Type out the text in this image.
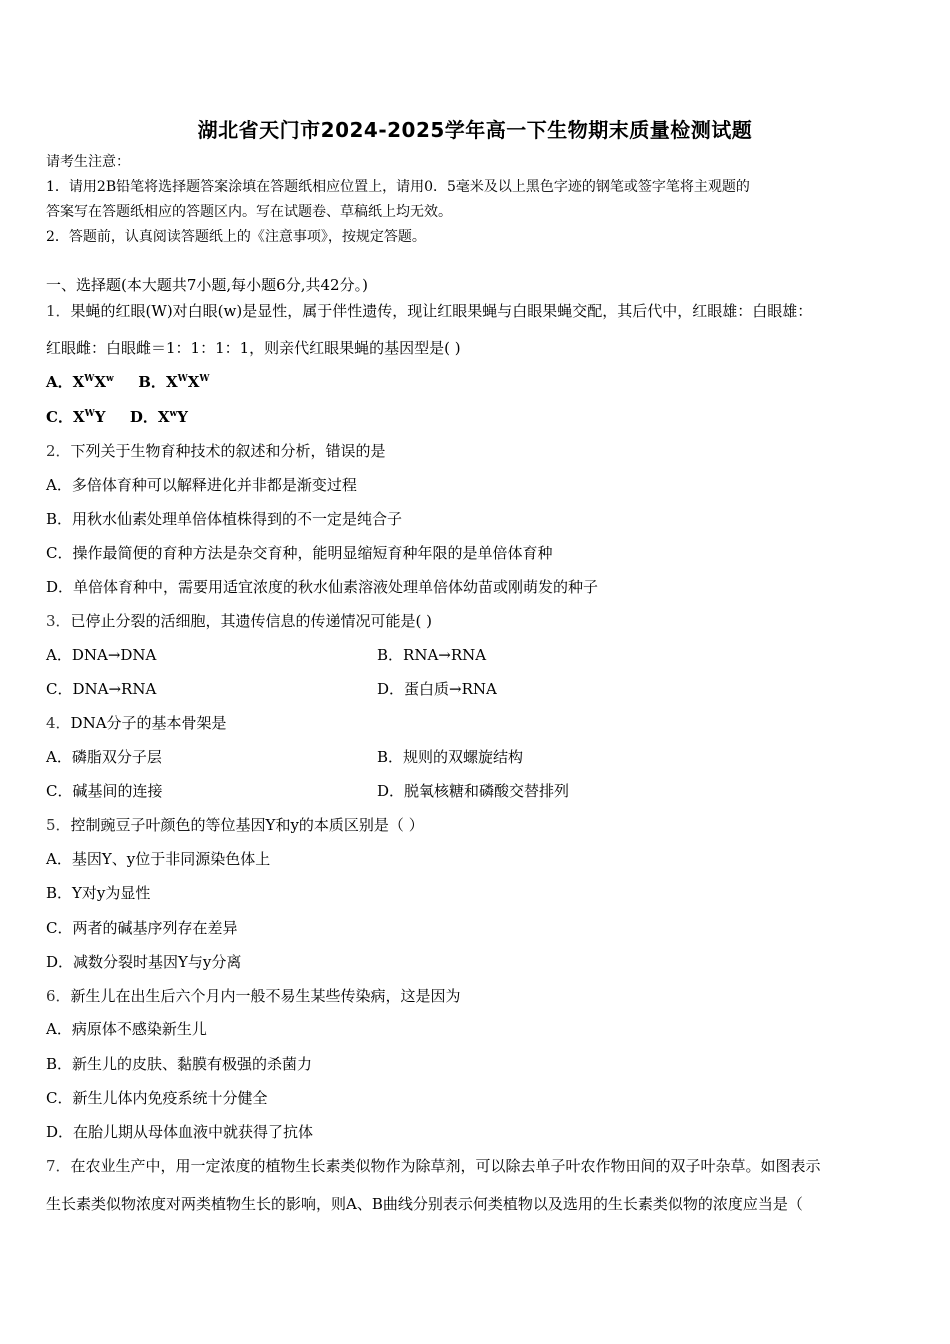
湖北省天门市2024-2025学年高一下生物期末质量检测试题
请考生注意：
1．请用2B铅笔将选择题答案涂填在答题纸相应位置上，请用0．5毫米及以上黑色字迹的钢笔或签字笔将主观题的
答案写在答题纸相应的答题区内。写在试题卷、草稿纸上均无效。
2．答题前，认真阅读答题纸上的《注意事项》，按规定答题。
一、选择题(本大题共7小题,每小题6分,共42分。)
1．果蝇的红眼(W)对白眼(w)是显性，属于伴性遗传，现让红眼果蝇与白眼果蝇交配，其后代中，红眼雄：白眼雄：
红眼雌：白眼雌＝1：1：1：1，则亲代红眼果蝇的基因型是( )
A．$X^WX^w$ B．$X^WX^W$
C．$X^WY$ D．$X^wY$
2．下列关于生物育种技术的叙述和分析，错误的是
A．多倍体育种可以解释进化并非都是渐变过程
B．用秋水仙素处理单倍体植株得到的不一定是纯合子
C．操作最简便的育种方法是杂交育种，能明显缩短育种年限的是单倍体育种
D．单倍体育种中，需要用适宜浓度的秋水仙素溶液处理单倍体幼苗或刚萌发的种子
3．已停止分裂的活细胞，其遗传信息的传递情况可能是( )
A．DNA→DNA	B．RNA→RNA
C．DNA→RNA	D．蛋白质→RNA
4．DNA分子的基本骨架是
A．磷脂双分子层	B．规则的双螺旋结构
C．碱基间的连接	D．脱氧核糖和磷酸交替排列
5．控制豌豆子叶颜色的等位基因Y和y的本质区别是（ ）
A．基因Y、y位于非同源染色体上
B．Y对y为显性
C．两者的碱基序列存在差异
D．减数分裂时基因Y与y分离
6．新生儿在出生后六个月内一般不易生某些传染病，这是因为
A．病原体不感染新生儿
B．新生儿的皮肤、黏膜有极强的杀菌力
C．新生儿体内免疫系统十分健全
D．在胎儿期从母体血液中就获得了抗体
7．在农业生产中，用一定浓度的植物生长素类似物作为除草剂，可以除去单子叶农作物田间的双子叶杂草。如图表示
生长素类似物浓度对两类植物生长的影响，则A、B曲线分别表示何类植物以及选用的生长素类似物的浓度应当是（
